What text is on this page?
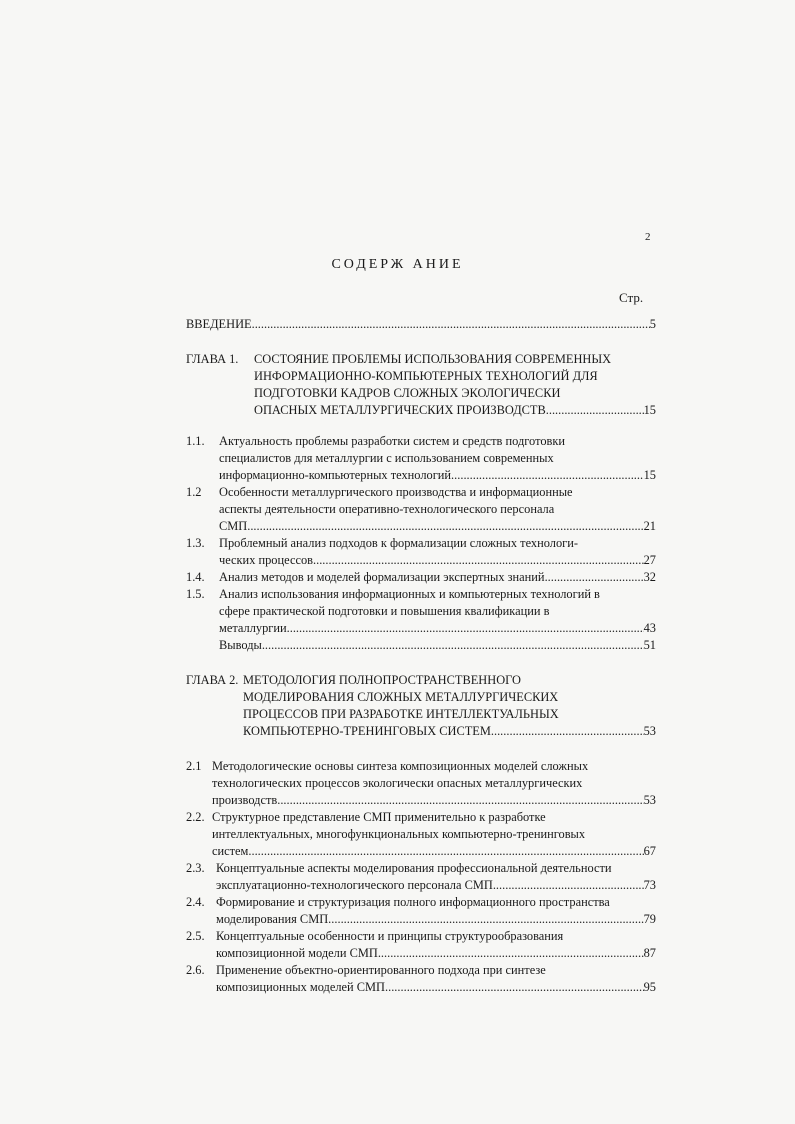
2
СОДЕРЖ АНИЕ
Стр.
ВВЕДЕНИЕ .....	5
ГЛАВА 1. СОСТОЯНИЕ ПРОБЛЕМЫ ИСПОЛЬЗОВАНИЯ СОВРЕМЕННЫХ
ИНФОРМАЦИОННО-КОМПЬЮТЕРНЫХ ТЕХНОЛОГИЙ ДЛЯ
ПОДГОТОВКИ КАДРОВ СЛОЖНЫХ ЭКОЛОГИЧЕСКИ
ОПАСНЫХ МЕТАЛЛУРГИЧЕСКИХ ПРОИЗВОДСТВ .....	15
1.1. Актуальность проблемы разработки систем и средств подготовки
специалистов для металлургии с использованием современных
информационно-компьютерных технологий .....	15
1.2 Особенности металлургического производства и информационные
аспекты деятельности оперативно-технологического персонала
СМП .....	21
1.3. Проблемный анализ подходов к формализации сложных технологи-
ческих процессов .....	27
1.4. Анализ методов и моделей формализации экспертных знаний .....	32
1.5. Анализ использования информационных и компьютерных технологий в
сфере практической подготовки и повышения квалификации в
металлургии .....	43
Выводы .....	51
ГЛАВА 2. МЕТОДОЛОГИЯ ПОЛНОПРОСТРАНСТВЕННОГО
МОДЕЛИРОВАНИЯ СЛОЖНЫХ МЕТАЛЛУРГИЧЕСКИХ
ПРОЦЕССОВ ПРИ РАЗРАБОТКЕ ИНТЕЛЛЕКТУАЛЬНЫХ
КОМПЬЮТЕРНО-ТРЕНИНГОВЫХ СИСТЕМ .....	53
2.1 Методологические основы синтеза композиционных моделей сложных
технологических процессов экологически опасных металлургических
производств .....	53
2.2. Структурное представление СМП применительно к разработке
интеллектуальных, многофункциональных компьютерно-тренинговых
систем .....	67
2.3. Концептуальные аспекты моделирования профессиональной деятельности
эксплуатационно-технологического персонала СМП .....	73
2.4. Формирование и структуризация полного информационного пространства
моделирования СМП .....	79
2.5. Концептуальные особенности и принципы структурообразования
композиционной модели СМП .....	87
2.6. Применение объектно-ориентированного подхода при синтезе
композиционных моделей СМП .....	95
